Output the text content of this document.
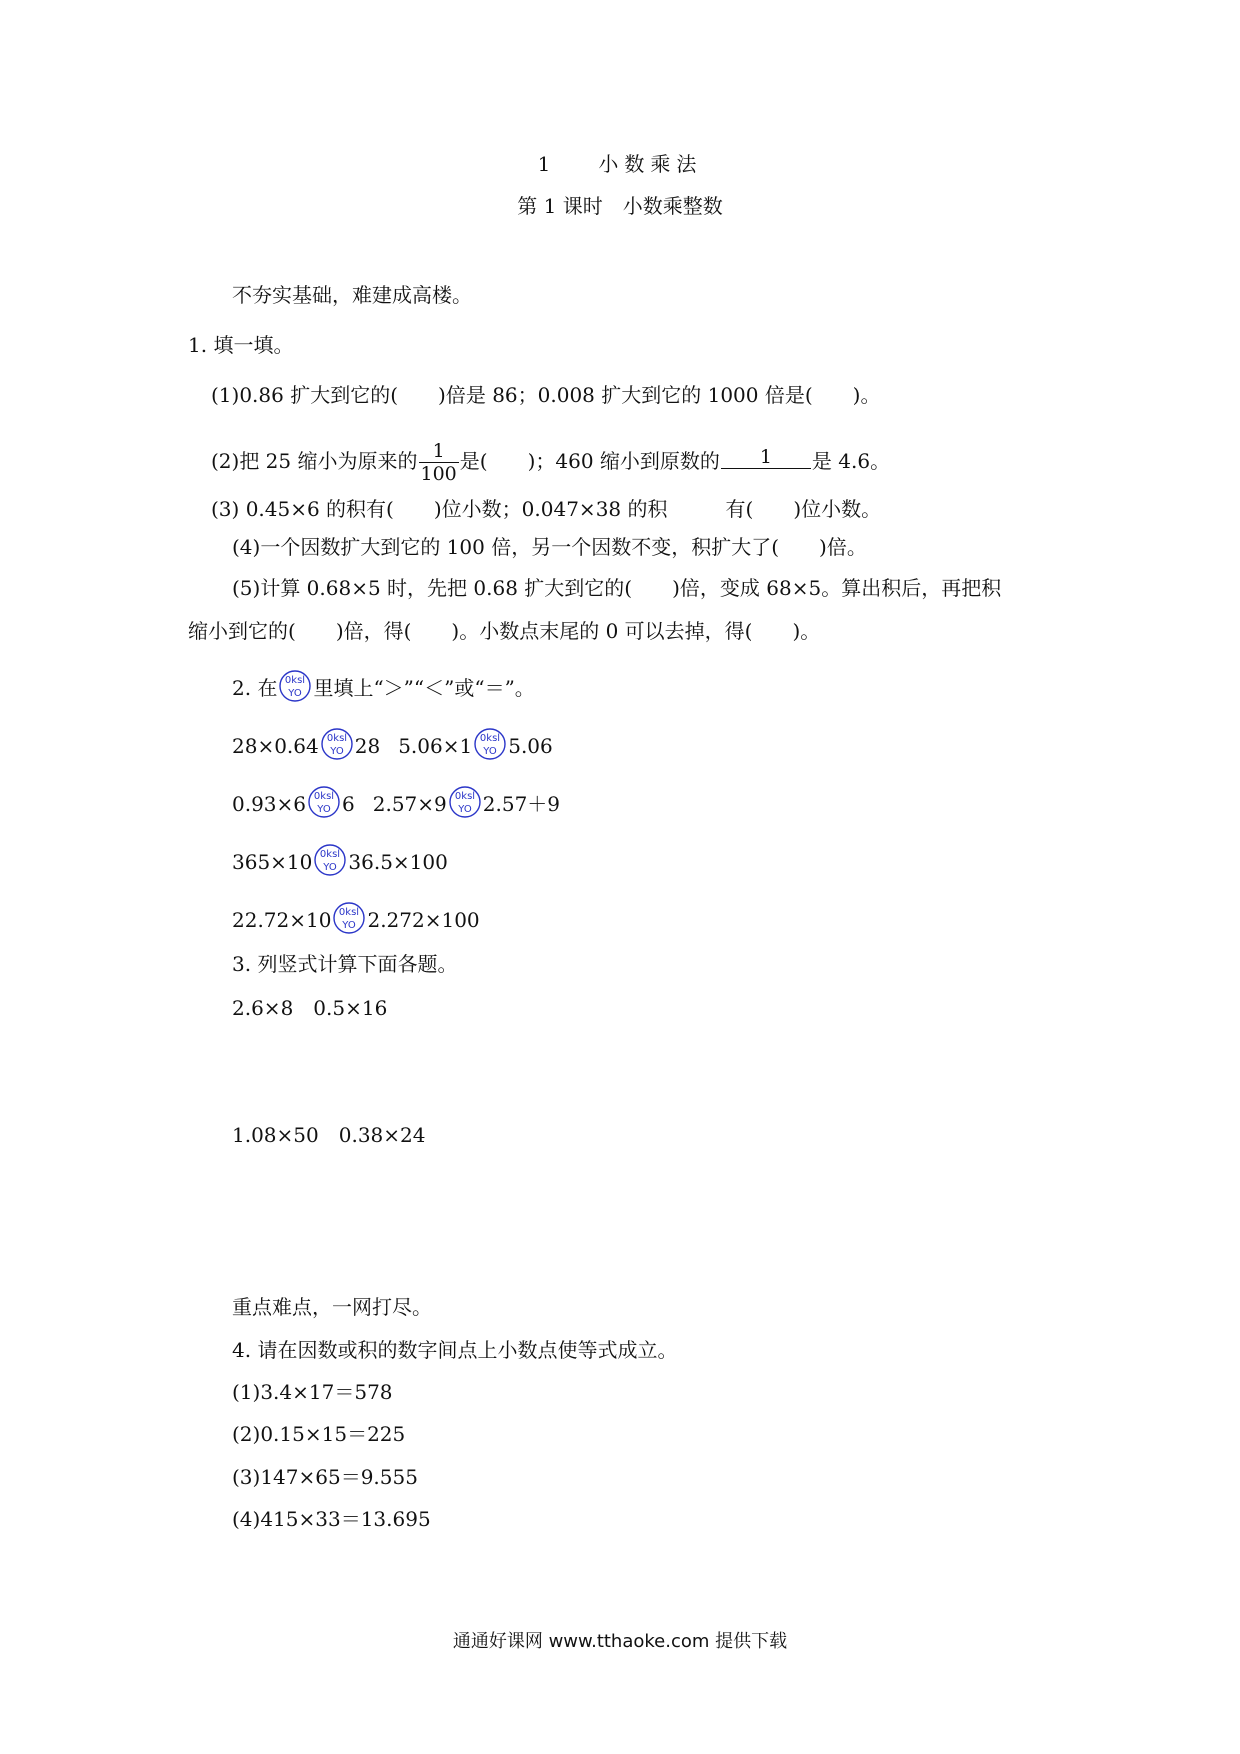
1 小数乘法
第 1 课时　小数乘整数
不夯实基础，难建成高楼。
1. 填一填。
(1)0.86 扩大到它的( )倍是 86；0.008 扩大到它的 1000 倍是( )。
(2)把 25 缩小为原来的 $\frac{1}{100}$ 是( )；460 缩小到原数的 1 是 4.6。
(3) 0.45×6 的积有( )位小数；0.047×38 的积	有( )位小数。
(4)一个因数扩大到它的 100 倍，另一个因数不变，积扩大了( )倍。
(5)计算 0.68×5 时，先把 0.68 扩大到它的( )倍，变成 68×5。算出积后，再把积
缩小到它的( )倍，得( )。小数点末尾的 0 可以去掉，得( )。
2. 在 0ksl
YO 里填上“＞”“＜”或“＝”。
28×0.64 0ksl
YO 28 5.06×1 0ksl
YO 5.06
0.93×6 0ksl
YO 6 2.57×9 0ksl
YO 2.57＋9
365×10 0ksl
YO 36.5×100
22.72×10 0ksl
YO 2.272×100
3. 列竖式计算下面各题。
2.6×8　0.5×16
1.08×50　0.38×24
重点难点，一网打尽。
4. 请在因数或积的数字间点上小数点使等式成立。
(1)3.4×17＝578
(2)0.15×15＝225
(3)147×65＝9.555
(4)415×33＝13.695
通通好课网 www.tthaoke.com 提供下载
